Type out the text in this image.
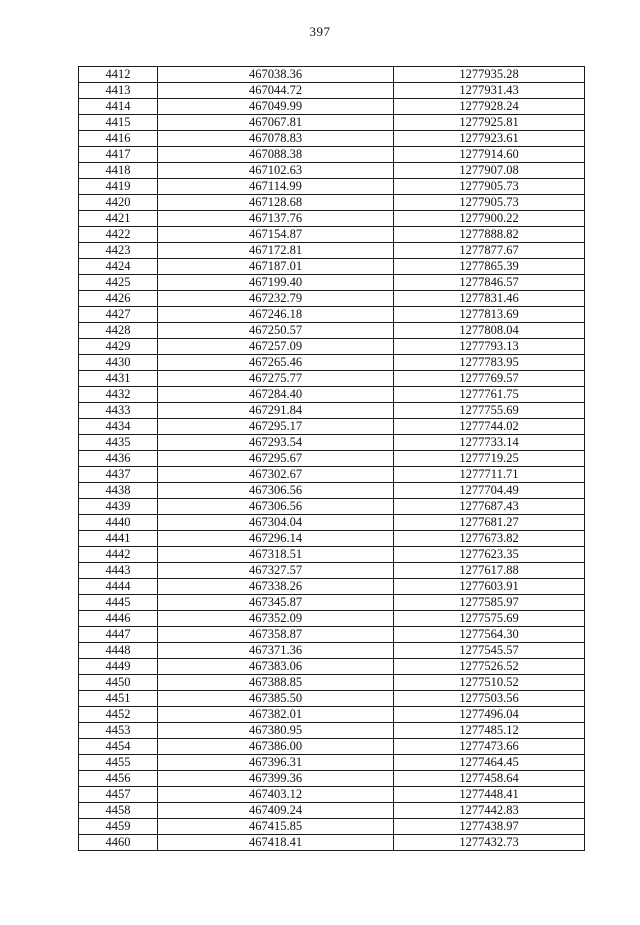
397
4412	467038.36	1277935.28
4413	467044.72	1277931.43
4414	467049.99	1277928.24
4415	467067.81	1277925.81
4416	467078.83	1277923.61
4417	467088.38	1277914.60
4418	467102.63	1277907.08
4419	467114.99	1277905.73
4420	467128.68	1277905.73
4421	467137.76	1277900.22
4422	467154.87	1277888.82
4423	467172.81	1277877.67
4424	467187.01	1277865.39
4425	467199.40	1277846.57
4426	467232.79	1277831.46
4427	467246.18	1277813.69
4428	467250.57	1277808.04
4429	467257.09	1277793.13
4430	467265.46	1277783.95
4431	467275.77	1277769.57
4432	467284.40	1277761.75
4433	467291.84	1277755.69
4434	467295.17	1277744.02
4435	467293.54	1277733.14
4436	467295.67	1277719.25
4437	467302.67	1277711.71
4438	467306.56	1277704.49
4439	467306.56	1277687.43
4440	467304.04	1277681.27
4441	467296.14	1277673.82
4442	467318.51	1277623.35
4443	467327.57	1277617.88
4444	467338.26	1277603.91
4445	467345.87	1277585.97
4446	467352.09	1277575.69
4447	467358.87	1277564.30
4448	467371.36	1277545.57
4449	467383.06	1277526.52
4450	467388.85	1277510.52
4451	467385.50	1277503.56
4452	467382.01	1277496.04
4453	467380.95	1277485.12
4454	467386.00	1277473.66
4455	467396.31	1277464.45
4456	467399.36	1277458.64
4457	467403.12	1277448.41
4458	467409.24	1277442.83
4459	467415.85	1277438.97
4460	467418.41	1277432.73
